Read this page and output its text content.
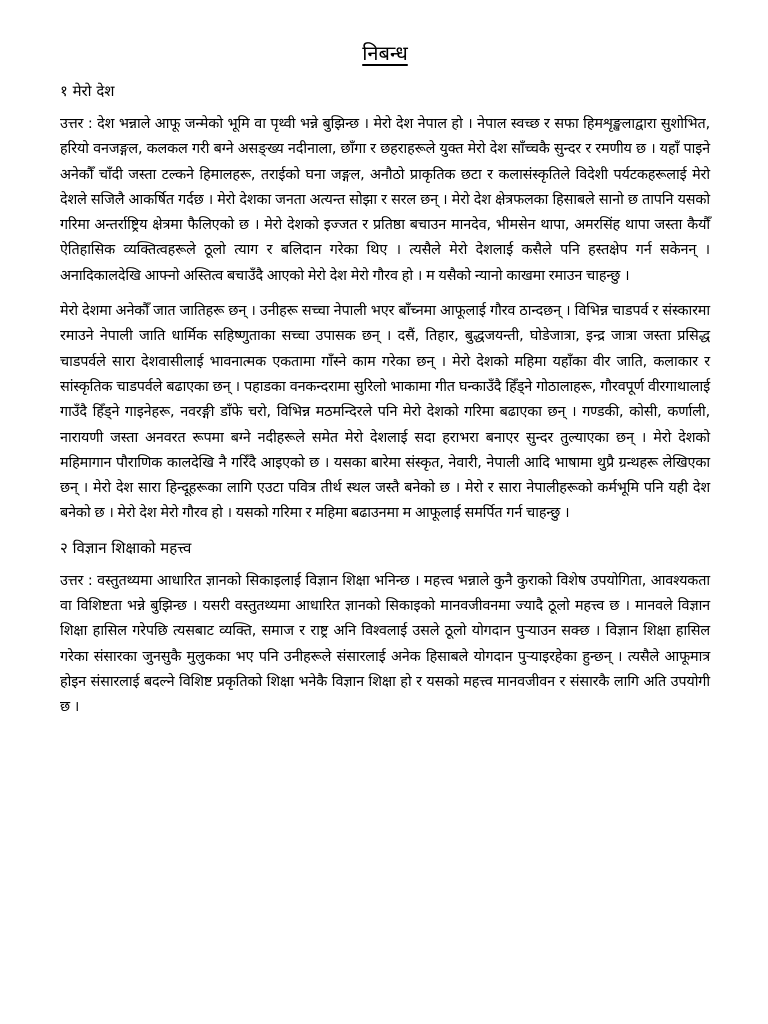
निबन्ध
१ मेरो देश

उत्तर : देश भन्नाले आफू जन्मेको भूमि वा पृथ्वी भन्ने बुझिन्छ । मेरो देश नेपाल हो । नेपाल स्वच्छ र सफा हिमशृङ्खलाद्वारा सुशोभित, हरियो वनजङ्गल, कलकल गरी बग्ने असङ्ख्य नदीनाला, छाँगा र छहराहरूले युक्त मेरो देश साँच्चकै सुन्दर र रमणीय छ । यहाँ पाइने अनेकौँ चाँदी जस्ता टल्कने हिमालहरू, तराईको घना जङ्गल, अनौठो प्राकृतिक छटा र कलासंस्कृतिले विदेशी पर्यटकहरूलाई मेरो देशले सजिलै आकर्षित गर्दछ । मेरो देशका जनता अत्यन्त सोझा र सरल छन् । मेरो देश क्षेत्रफलका हिसाबले सानो छ तापनि यसको गरिमा अन्तर्राष्ट्रिय क्षेत्रमा फैलिएको छ । मेरो देशको इज्जत र प्रतिष्ठा बचाउन मानदेव, भीमसेन थापा, अमरसिंह थापा जस्ता कैयौँ ऐतिहासिक व्यक्तित्वहरूले ठूलो त्याग र बलिदान गरेका थिए । त्यसैले मेरो देशलाई कसैले पनि हस्तक्षेप गर्न सकेनन् । अनादिकालदेखि आफ्नो अस्तित्व बचाउँदै आएको मेरो देश मेरो गौरव हो । म यसैको न्यानो काखमा रमाउन चाहन्छु ।

मेरो देशमा अनेकौँ जात जातिहरू छन् । उनीहरू सच्चा नेपाली भएर बाँच्नमा आफूलाई गौरव ठान्दछन् । विभिन्न चाडपर्व र संस्कारमा रमाउने नेपाली जाति धार्मिक सहिष्णुताका सच्चा उपासक छन् । दसैं, तिहार, बुद्धजयन्ती, घोडेजात्रा, इन्द्र जात्रा जस्ता प्रसिद्ध चाडपर्वले सारा देशवासीलाई भावनात्मक एकतामा गाँस्ने काम गरेका छन् । मेरो देशको महिमा यहाँका वीर जाति, कलाकार र सांस्कृतिक चाडपर्वले बढाएका छन् । पहाडका वनकन्दरामा सुरिलो भाकामा गीत घन्काउँदै हिँड्ने गोठालाहरू, गौरवपूर्ण वीरगाथालाई गाउँदै हिँड्ने गाइनेहरू, नवरङ्गी डाँफे चरो, विभिन्न मठमन्दिरले पनि मेरो देशको गरिमा बढाएका छन् । गण्डकी, कोसी, कर्णाली, नारायणी जस्ता अनवरत रूपमा बग्ने नदीहरूले समेत मेरो देशलाई सदा हराभरा बनाएर सुन्दर तुल्याएका छन् । मेरो देशको महिमागान पौराणिक कालदेखि नै गरिँदै आइएको छ । यसका बारेमा संस्कृत, नेवारी, नेपाली आदि भाषामा थुप्रै ग्रन्थहरू लेखिएका छन् । मेरो देश सारा हिन्दूहरूका लागि एउटा पवित्र तीर्थ स्थल जस्तै बनेको छ । मेरो र सारा नेपालीहरूको कर्मभूमि पनि यही देश बनेको छ । मेरो देश मेरो गौरव हो । यसको गरिमा र महिमा बढाउनमा म आफूलाई समर्पित गर्न चाहन्छु ।

२ विज्ञान शिक्षाको महत्त्व

उत्तर : वस्तुतथ्यमा आधारित ज्ञानको सिकाइलाई विज्ञान शिक्षा भनिन्छ । महत्त्व भन्नाले कुनै कुराको विशेष उपयोगिता, आवश्यकता वा विशिष्टता भन्ने बुझिन्छ । यसरी वस्तुतथ्यमा आधारित ज्ञानको सिकाइको मानवजीवनमा ज्यादै ठूलो महत्त्व छ । मानवले विज्ञान शिक्षा हासिल गरेपछि त्यसबाट व्यक्ति, समाज र राष्ट्र अनि विश्वलाई उसले ठूलो योगदान पुर्‍याउन सक्छ । विज्ञान शिक्षा हासिल गरेका संसारका जुनसुकै मुलुकका भए पनि उनीहरूले संसारलाई अनेक हिसाबले योगदान पुर्‍याइरहेका हुन्छन् । त्यसैले आफूमात्र होइन संसारलाई बदल्ने विशिष्ट प्रकृतिको शिक्षा भनेकै विज्ञान शिक्षा हो र यसको महत्त्व मानवजीवन र संसारकै लागि अति उपयोगी छ ।
